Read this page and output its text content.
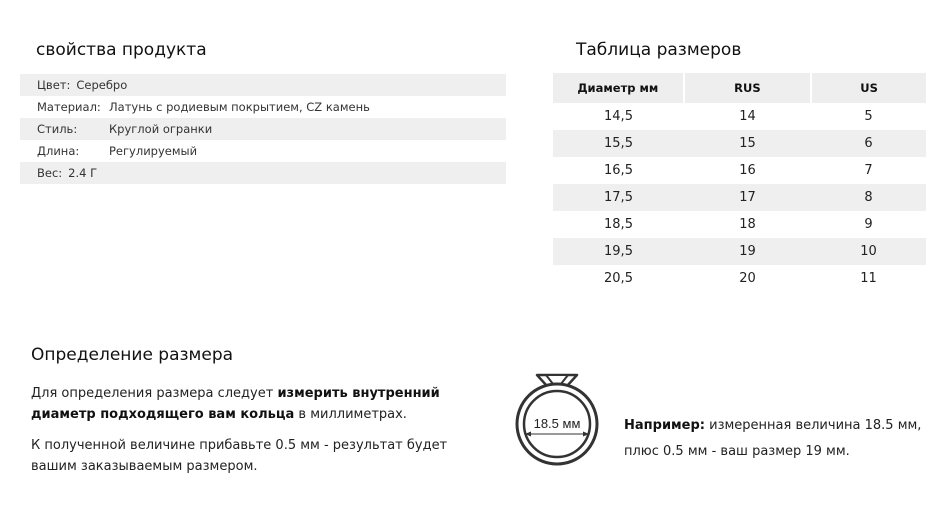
свойства продукта
Цвет: Серебро
Материал: Латунь с родиевым покрытием, CZ камень
Стиль:	Круглой огранки
Длина:	Регулируемый
Вес: 2.4 Г
Таблица размеров
Диаметр мм	RUS	US
14,5	14	5
15,5	15	6
16,5	16	7
17,5	17	8
18,5	18	9
19,5	19	10
20,5	20	11
Определение размера
Для определения размера следует измерить внутренний диаметр подходящего вам кольца в миллиметрах.
К полученной величине прибавьте 0.5 мм - результат будет вашим заказываемым размером.
18.5 мм	Например: измеренная величина 18.5 мм, плюс 0.5 мм - ваш размер 19 мм.
